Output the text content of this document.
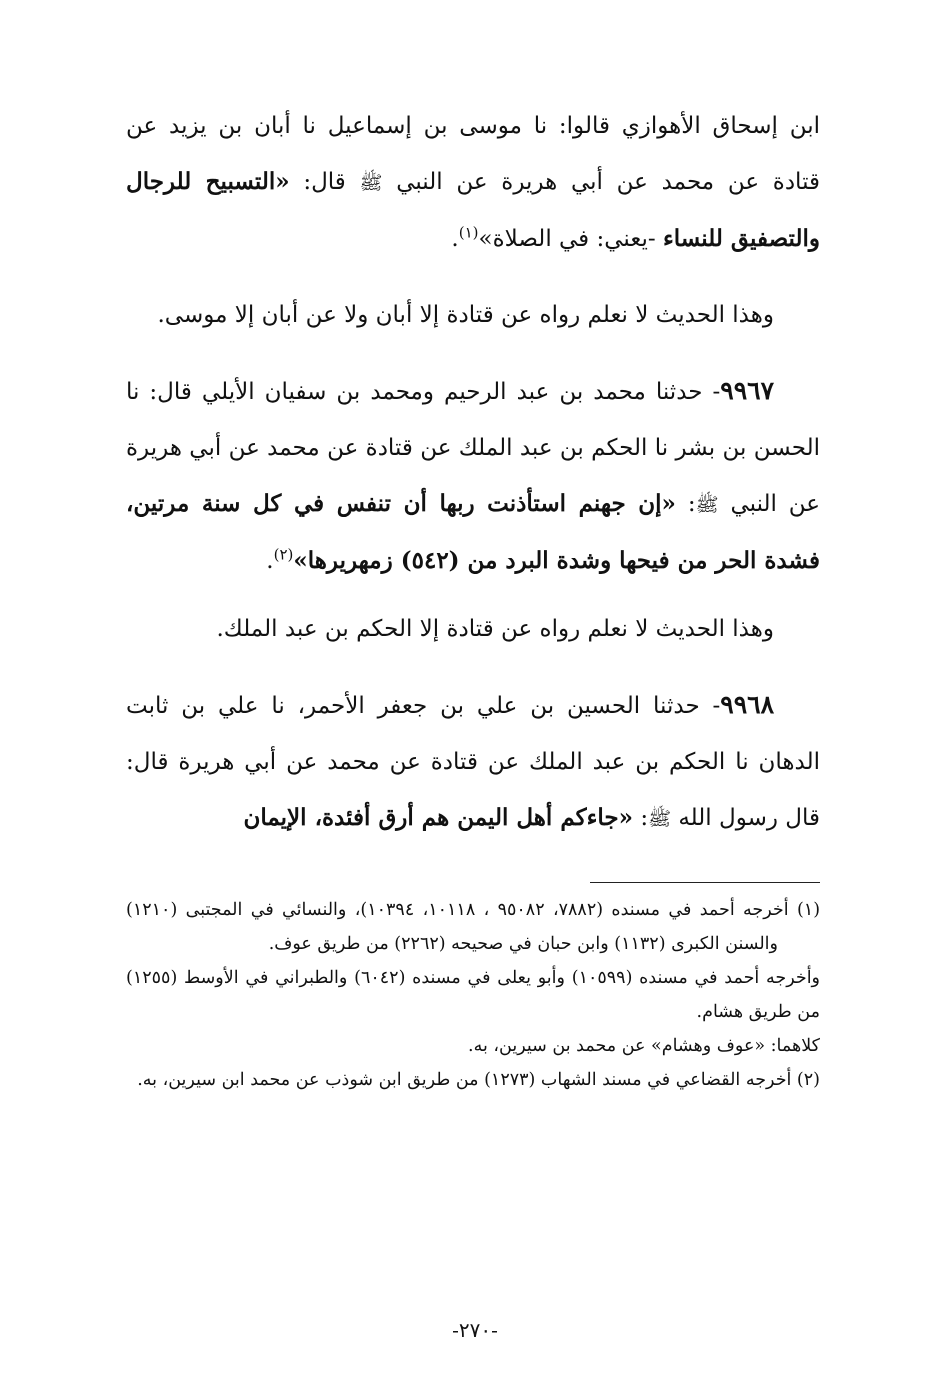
ابن إسحاق الأهوازي قالوا: نا موسى بن إسماعيل نا أبان بن يزيد عن قتادة عن محمد عن أبي هريرة عن النبي ﷺ قال: «التسبيح للرجال والتصفيق للنساء -يعني: في الصلاة»$^{(١)}$.

وهذا الحديث لا نعلم رواه عن قتادة إلا أبان ولا عن أبان إلا موسى.

٩٩٦٧- حدثنا محمد بن عبد الرحيم ومحمد بن سفيان الأيلي قال: نا الحسن بن بشر نا الحكم بن عبد الملك عن قتادة عن محمد عن أبي هريرة عن النبي ﷺ: «إن جهنم استأذنت ربها أن تنفس في كل سنة مرتين، فشدة الحر من فيحها وشدة البرد من (٥٤٢) زمهريرها»$^{(٢)}$.

وهذا الحديث لا نعلم رواه عن قتادة إلا الحكم بن عبد الملك.

٩٩٦٨- حدثنا الحسين بن علي بن جعفر الأحمر، نا علي بن ثابت الدهان نا الحكم بن عبد الملك عن قتادة عن محمد عن أبي هريرة قال: قال رسول الله ﷺ: «جاءكم أهل اليمن هم أرق أفئدة، الإيمان

(١) أخرجه أحمد في مسنده (٧٨٨٢، ٩٥٠٨٢ ، ١٠١١٨، ١٠٣٩٤)، والنسائي في المجتبى (١٢١٠) والسنن الكبرى (١١٣٢) وابن حبان في صحيحه (٢٢٦٢) من طريق عوف.

وأخرجه أحمد في مسنده (١٠٥٩٩) وأبو يعلى في مسنده (٦٠٤٢) والطبراني في الأوسط (١٢٥٥) من طريق هشام.

كلاهما: «عوف وهشام» عن محمد بن سيرين، به.

(٢) أخرجه القضاعي في مسند الشهاب (١٢٧٣) من طريق ابن شوذب عن محمد ابن سيرين، به.

-٢٧٠-
